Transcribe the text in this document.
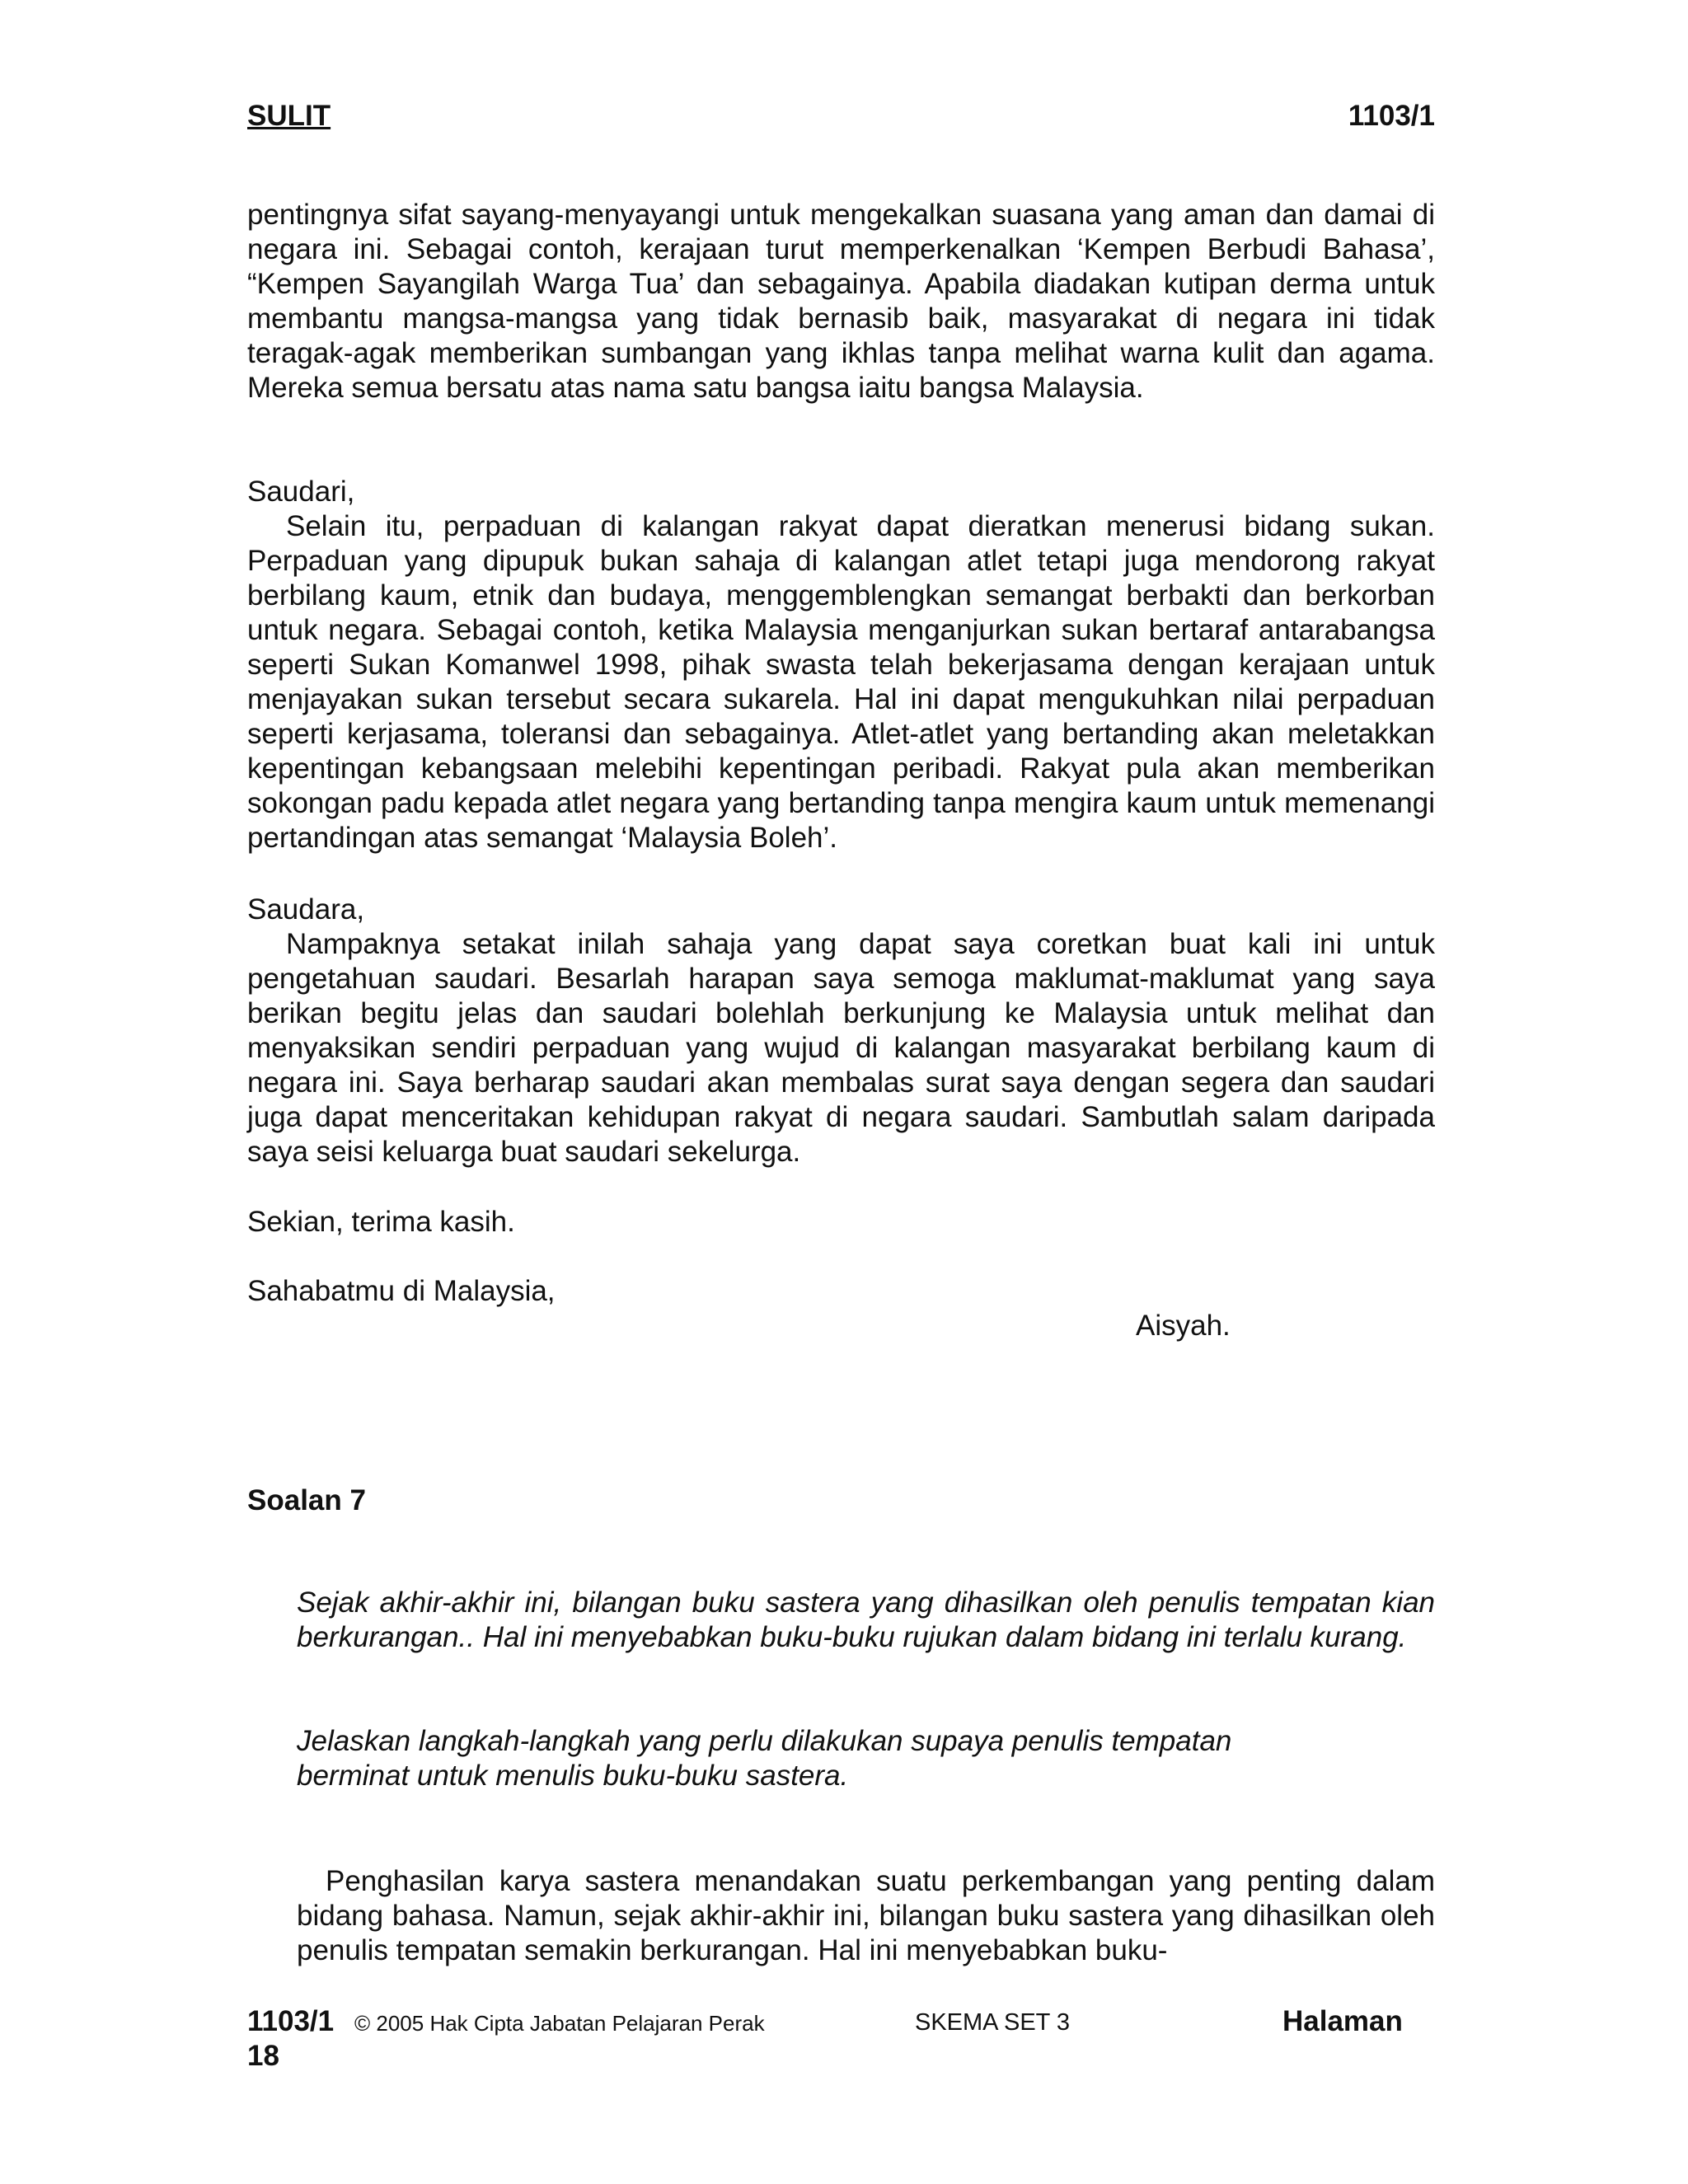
SULIT	1103/1

pentingnya sifat sayang-menyayangi untuk mengekalkan suasana yang aman dan damai di negara ini. Sebagai contoh, kerajaan turut memperkenalkan ‘Kempen Berbudi Bahasa’, “Kempen Sayangilah Warga Tua’ dan sebagainya. Apabila diadakan kutipan derma untuk membantu mangsa-mangsa yang tidak bernasib baik, masyarakat di negara ini tidak teragak-agak memberikan sumbangan yang ikhlas tanpa melihat warna kulit dan agama. Mereka semua bersatu atas nama satu bangsa iaitu bangsa Malaysia.

Saudari,

Selain itu, perpaduan di kalangan rakyat dapat dieratkan menerusi bidang sukan. Perpaduan yang dipupuk bukan sahaja di kalangan atlet tetapi juga mendorong rakyat berbilang kaum, etnik dan budaya, menggemblengkan semangat berbakti dan berkorban untuk negara. Sebagai contoh, ketika Malaysia menganjurkan sukan bertaraf antarabangsa seperti Sukan Komanwel 1998, pihak swasta telah bekerjasama dengan kerajaan untuk menjayakan sukan tersebut secara sukarela. Hal ini dapat mengukuhkan nilai perpaduan seperti kerjasama, toleransi dan sebagainya. Atlet-atlet yang bertanding akan meletakkan kepentingan kebangsaan melebihi kepentingan peribadi. Rakyat pula akan memberikan sokongan padu kepada atlet negara yang bertanding tanpa mengira kaum untuk memenangi pertandingan atas semangat ‘Malaysia Boleh’.

Saudara,

Nampaknya setakat inilah sahaja yang dapat saya coretkan buat kali ini untuk pengetahuan saudari. Besarlah harapan saya semoga maklumat-maklumat yang saya berikan begitu jelas dan saudari bolehlah berkunjung ke Malaysia untuk melihat dan menyaksikan sendiri perpaduan yang wujud di kalangan masyarakat berbilang kaum di negara ini. Saya berharap saudari akan membalas surat saya dengan segera dan saudari juga dapat menceritakan kehidupan rakyat di negara saudari. Sambutlah salam daripada saya seisi keluarga buat saudari sekelurga.

Sekian, terima kasih.
Sahabatmu di Malaysia,
Aisyah.
Soalan 7

Sejak akhir-akhir ini, bilangan buku sastera yang dihasilkan oleh penulis tempatan kian berkurangan.. Hal ini menyebabkan buku-buku rujukan dalam bidang ini terlalu kurang.

Jelaskan langkah-langkah yang perlu dilakukan supaya penulis tempatan

berminat untuk menulis buku-buku sastera.

Penghasilan karya sastera menandakan suatu perkembangan yang penting dalam bidang bahasa. Namun, sejak akhir-akhir ini, bilangan buku sastera yang dihasilkan oleh penulis tempatan semakin berkurangan. Hal ini menyebabkan buku-

1103/1 © 2005 Hak Cipta Jabatan Pelajaran Perak	SKEMA SET 3	Halaman
18
